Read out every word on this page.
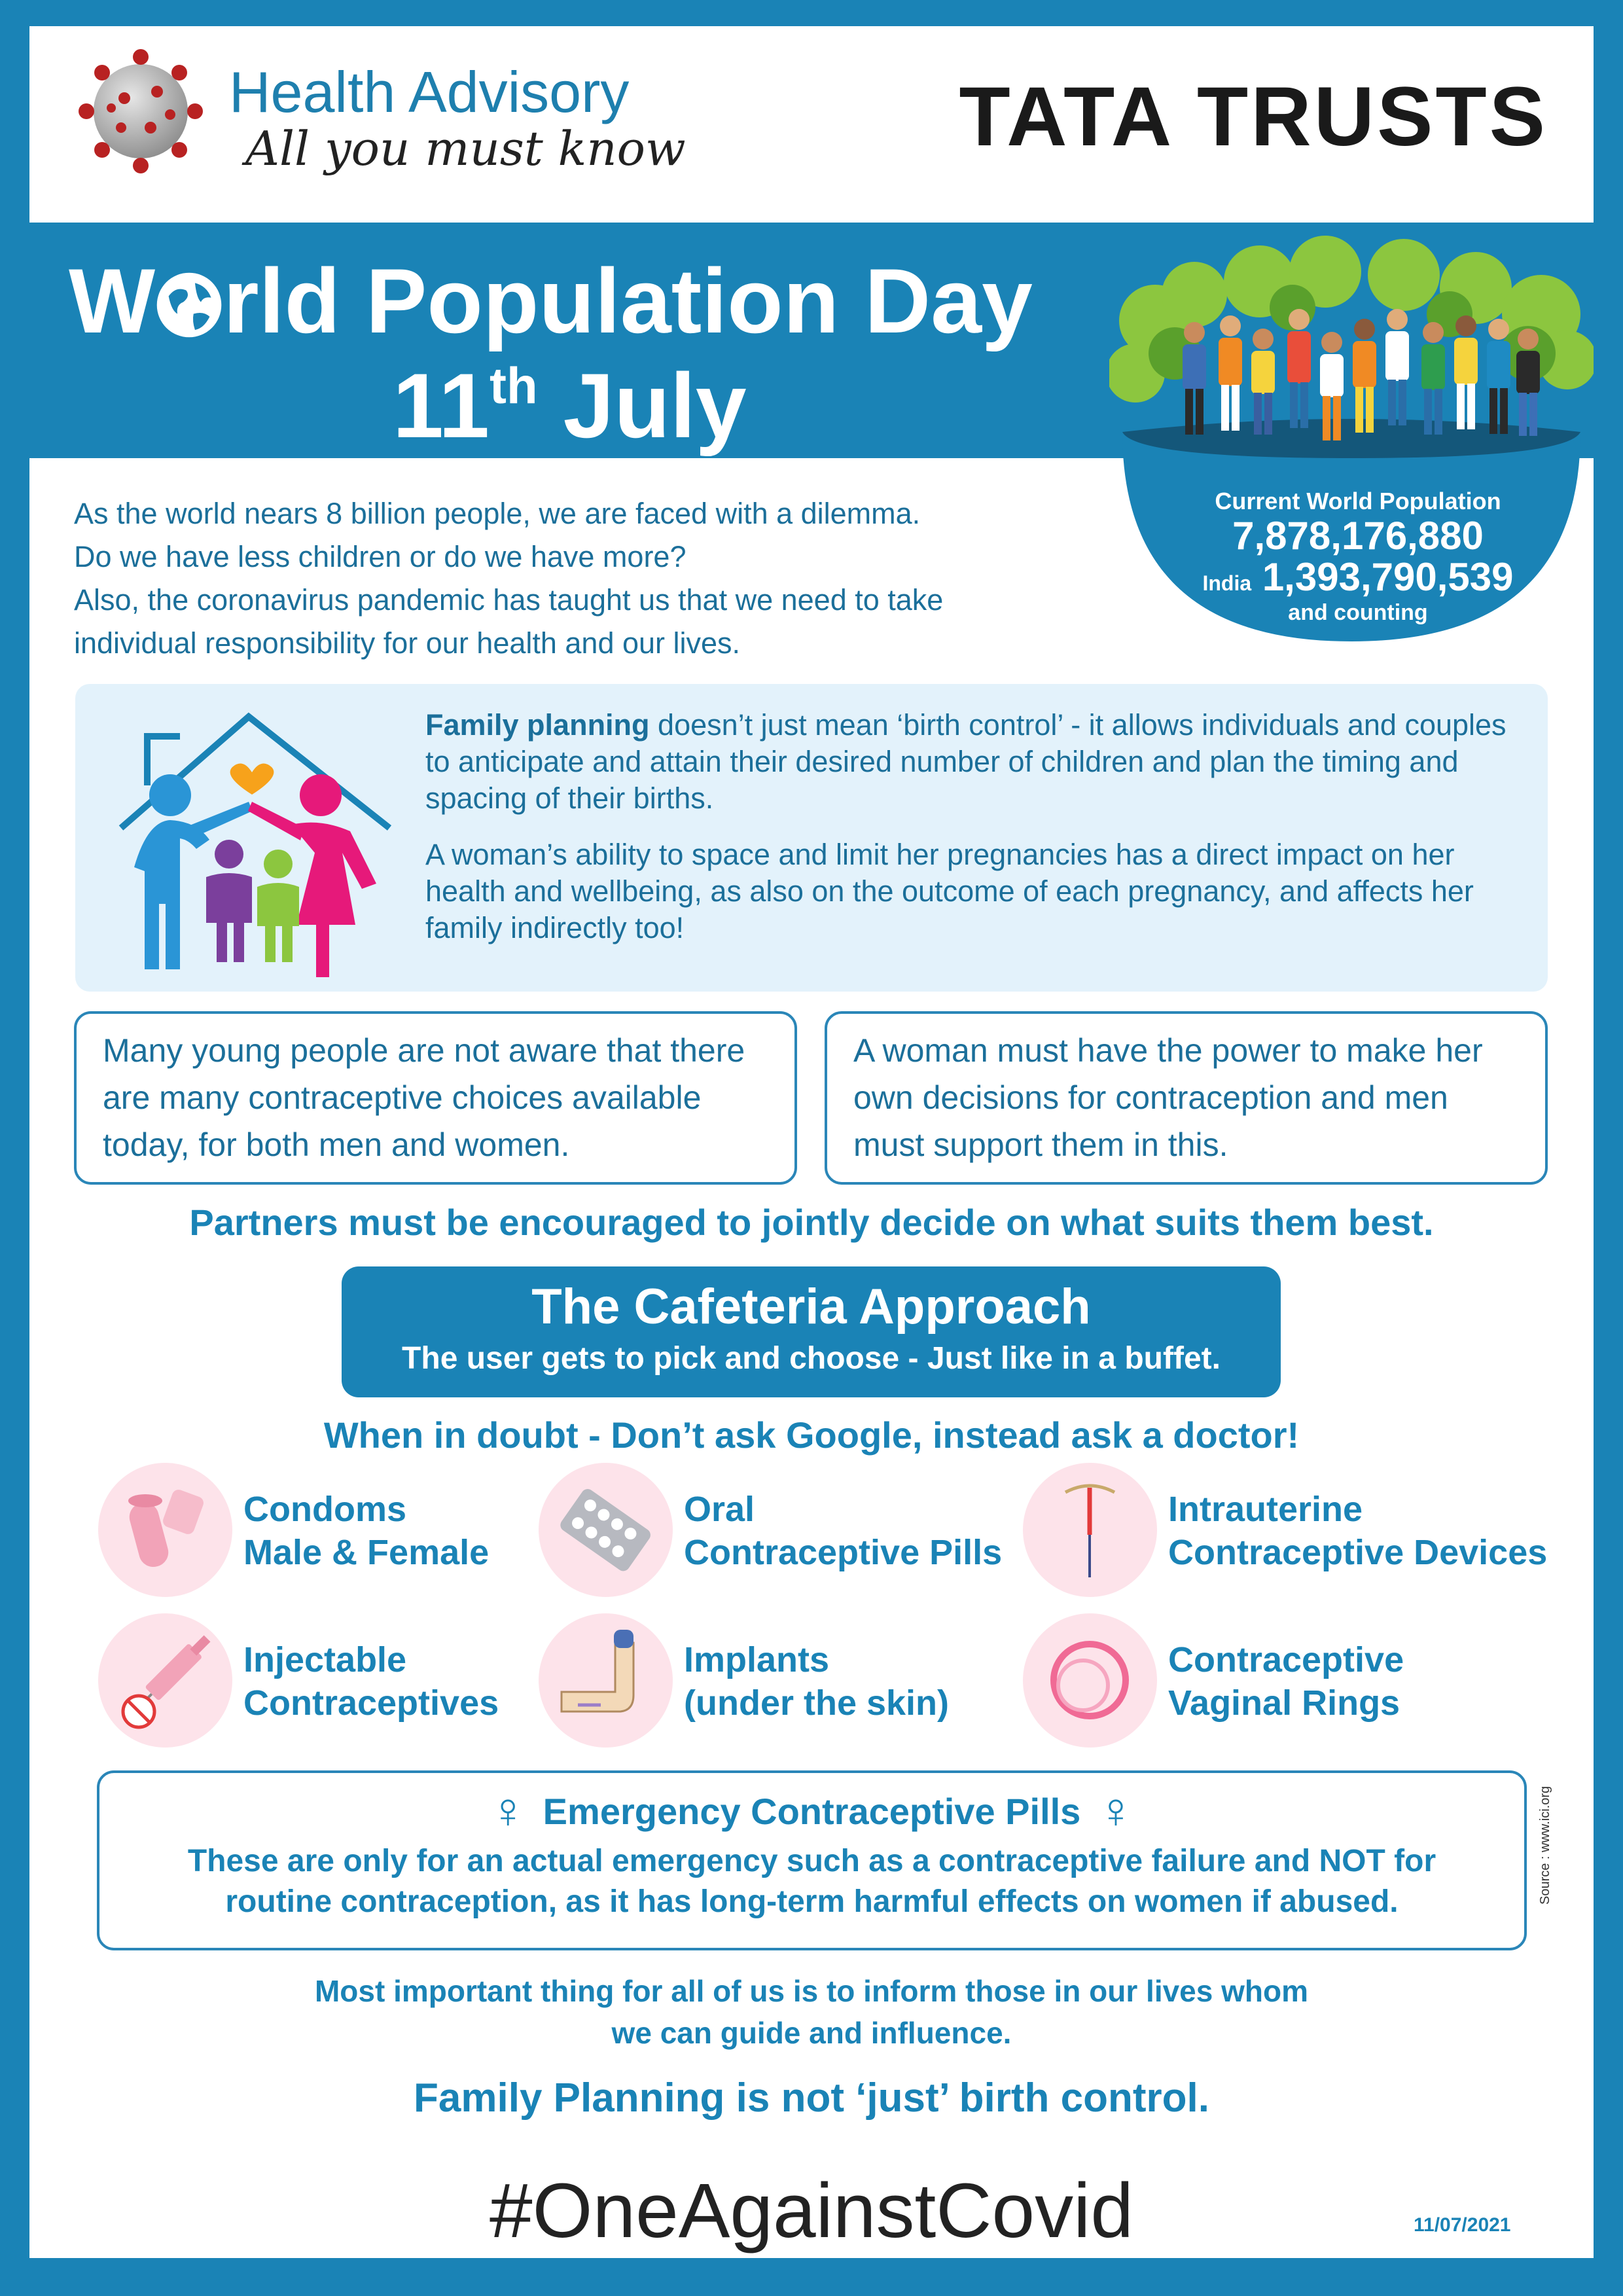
Health Advisory
All you must know	TATA TRUSTS
W rld Population Day
11th July
Current World Population
7,878,176,880
India 1,393,790,539
and counting
As the world nears 8 billion people, we are faced with a dilemma.
Do we have less children or do we have more?
Also, the coronavirus pandemic has taught us that we need to take
individual responsibility for our health and our lives.

Family planning doesn’t just mean ‘birth control’ - it allows individuals and couples to anticipate and attain their desired number of children and plan the timing and spacing of their births.

A woman’s ability to space and limit her pregnancies has a direct impact on her health and wellbeing, as also on the outcome of each pregnancy, and affects her family indirectly too!

Many young people are not aware that there are many contraceptive choices available today, for both men and women.
A woman must have the power to make her own decisions for contraception and men must support them in this.
Partners must be encouraged to jointly decide on what suits them best.
The Cafeteria Approach
The user gets to pick and choose - Just like in a buffet.
When in doubt - Don’t ask Google, instead ask a doctor!
Condoms
Male & Female
Oral
Contraceptive Pills
Intrauterine
Contraceptive Devices
Injectable
Contraceptives
Implants
(under the skin)
Contraceptive
Vaginal Rings
♀ Emergency Contraceptive Pills ♀
These are only for an actual emergency such as a contraceptive failure and NOT for
routine contraception, as it has long-term harmful effects on women if abused.	Source : www.ici.org
Most important thing for all of us is to inform those in our lives whom
we can guide and influence.
Family Planning is not ‘just’ birth control.
#OneAgainstCovid	11/07/2021
